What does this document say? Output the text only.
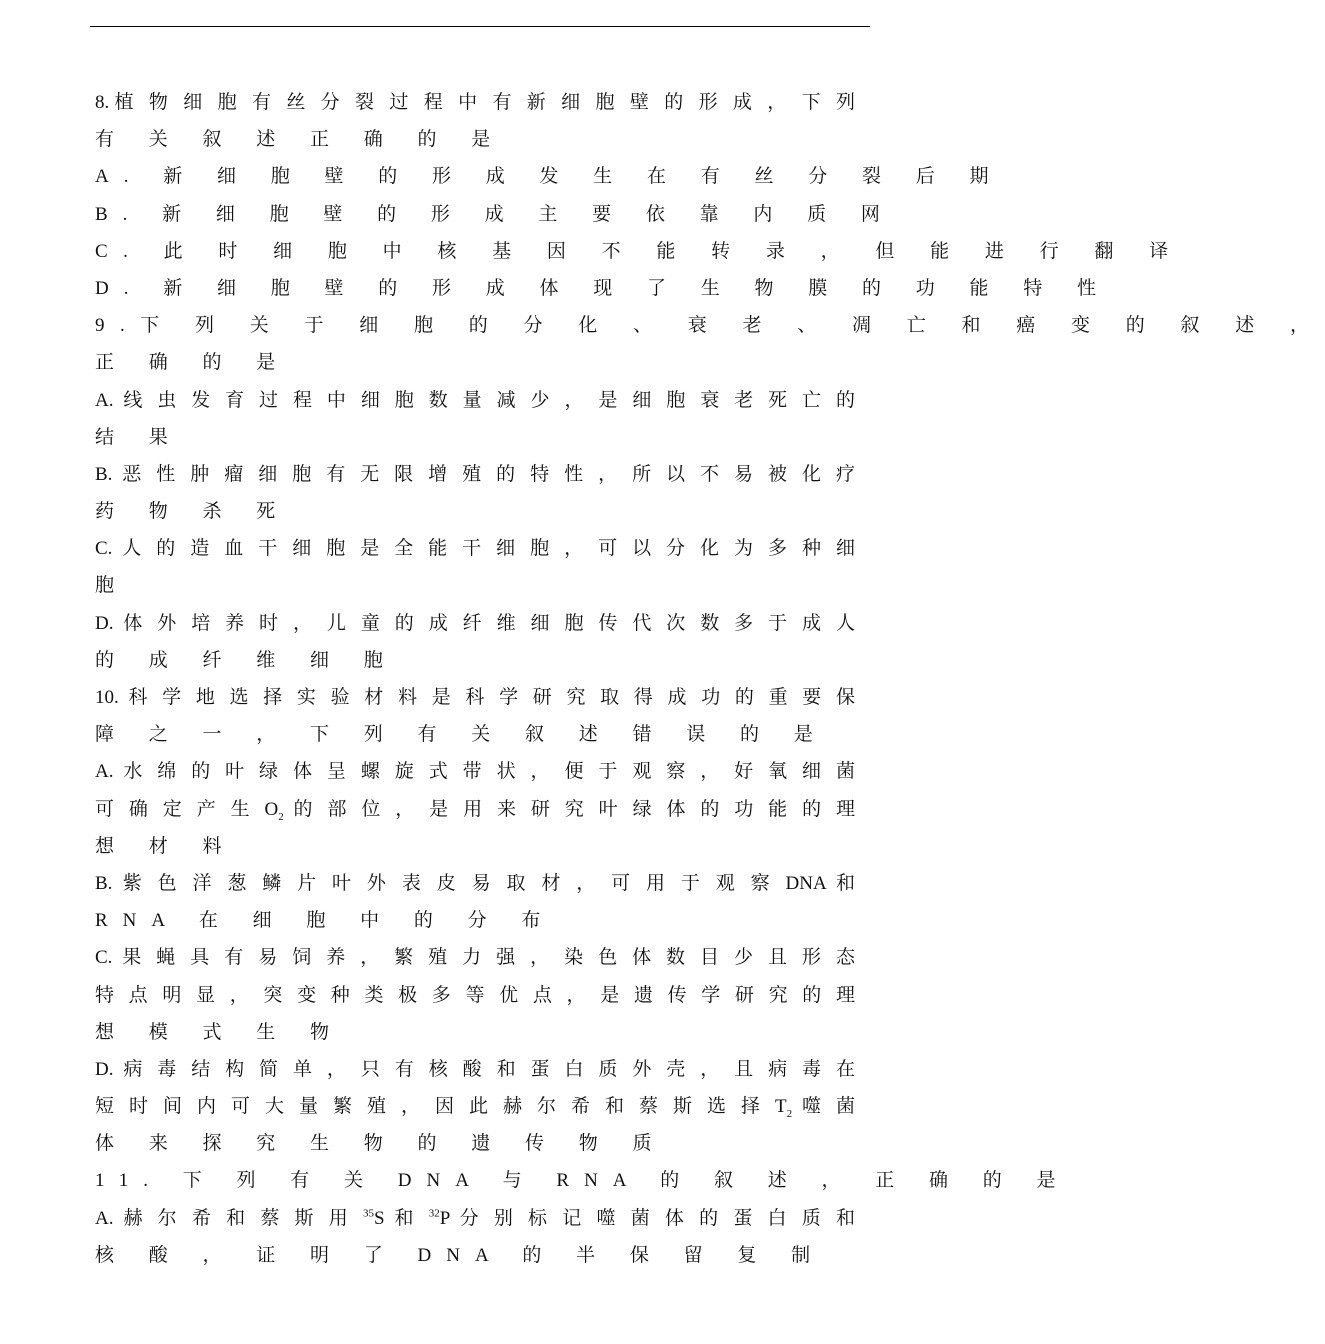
8.植 物 细 胞 有 丝 分 裂 过 程 中 有 新 细 胞 壁 的 形 成 ， 下 列
有 关 叙 述 正 确 的 是
A. 新 细 胞 壁 的 形 成 发 生 在 有 丝 分 裂 后 期
B. 新 细 胞 壁 的 形 成 主 要 依 靠 内 质 网
C. 此 时 细 胞 中 核 基 因 不 能 转 录 ， 但 能 进 行 翻 译
D. 新 细 胞 壁 的 形 成 体 现 了 生 物 膜 的 功 能 特 性
9.下 列 关 于 细 胞 的 分 化 、 衰 老 、 凋 亡 和 癌 变 的 叙 述 ，
正 确 的 是
A. 线 虫 发 育 过 程 中 细 胞 数 量 减 少 ， 是 细 胞 衰 老 死 亡 的
结 果
B. 恶 性 肿 瘤 细 胞 有 无 限 增 殖 的 特 性 ， 所 以 不 易 被 化 疗
药 物 杀 死
C. 人 的 造 血 干 细 胞 是 全 能 干 细 胞 ， 可 以 分 化 为 多 种 细
胞
D. 体 外 培 养 时 ， 儿 童 的 成 纤 维 细 胞 传 代 次 数 多 于 成 人
的 成 纤 维 细 胞
10. 科 学 地 选 择 实 验 材 料 是 科 学 研 究 取 得 成 功 的 重 要 保
障 之 一 ， 下 列 有 关 叙 述 错 误 的 是
A. 水 绵 的 叶 绿 体 呈 螺 旋 式 带 状 ， 便 于 观 察 ， 好 氧 细 菌
可 确 定 产 生 $O_2$ 的 部 位 ， 是 用 来 研 究 叶 绿 体 的 功 能 的 理
想 材 料
B. 紫 色 洋 葱 鳞 片 叶 外 表 皮 易 取 材 ， 可 用 于 观 察 DNA 和
RNA 在 细 胞 中 的 分 布
C. 果 蝇 具 有 易 饲 养 ， 繁 殖 力 强 ， 染 色 体 数 目 少 且 形 态
特 点 明 显 ， 突 变 种 类 极 多 等 优 点 ， 是 遗 传 学 研 究 的 理
想 模 式 生 物
D. 病 毒 结 构 简 单 ， 只 有 核 酸 和 蛋 白 质 外 壳 ， 且 病 毒 在
短 时 间 内 可 大 量 繁 殖 ， 因 此 赫 尔 希 和 蔡 斯 选 择 $T_2$ 噬 菌
体 来 探 究 生 物 的 遗 传 物 质
11. 下 列 有 关 DNA 与 RNA 的 叙 述 ， 正 确 的 是
A. 赫 尔 希 和 蔡 斯 用 $^{35}$S 和 $^{32}$P 分 别 标 记 噬 菌 体 的 蛋 白 质 和
核 酸 ， 证 明 了 DNA 的 半 保 留 复 制
